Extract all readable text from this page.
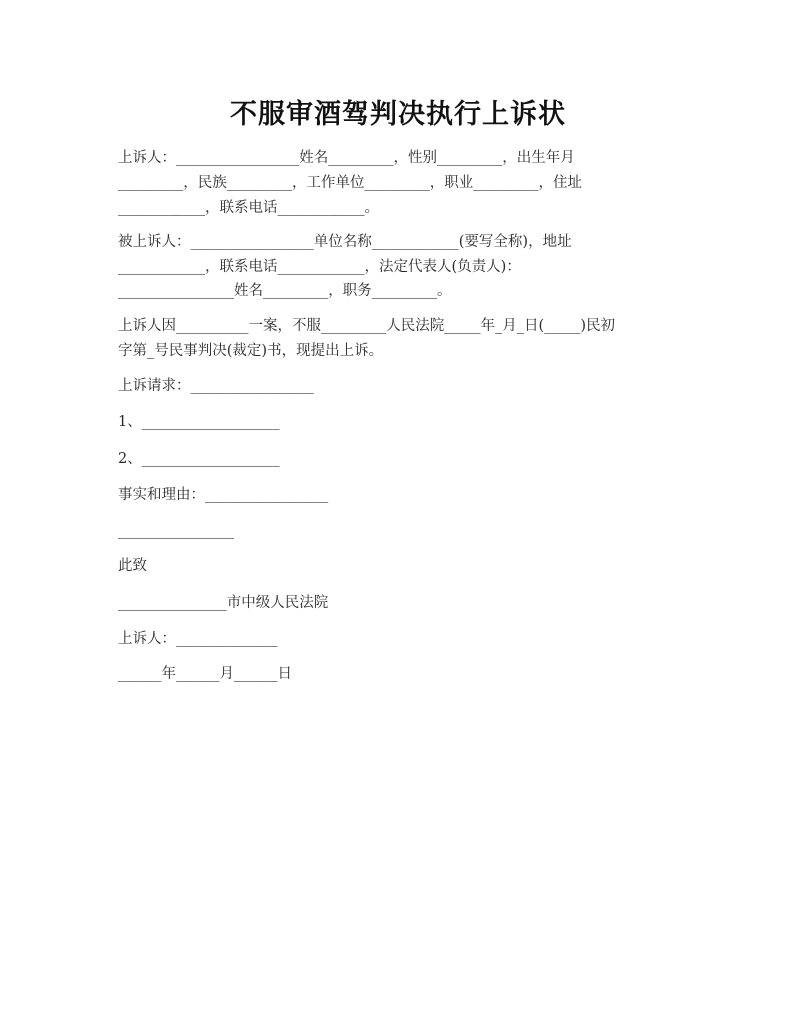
不服审酒驾判决执行上诉状
上诉人：_________________姓名_________，性别_________，出生年月
_________，民族_________，工作单位_________，职业_________，住址
____________，联系电话____________。
被上诉人：_________________单位名称____________(要写全称)，地址
____________，联系电话____________，法定代表人(负责人)：
________________姓名_________，职务_________。
上诉人因__________一案，不服_________人民法院_____年_月_日(_____)民初
字第_号民事判决(裁定)书，现提出上诉。
上诉请求：_________________
1、___________________
2、___________________
事实和理由：_________________
________________
此致
_______________市中级人民法院
上诉人：______________
______年______月______日
